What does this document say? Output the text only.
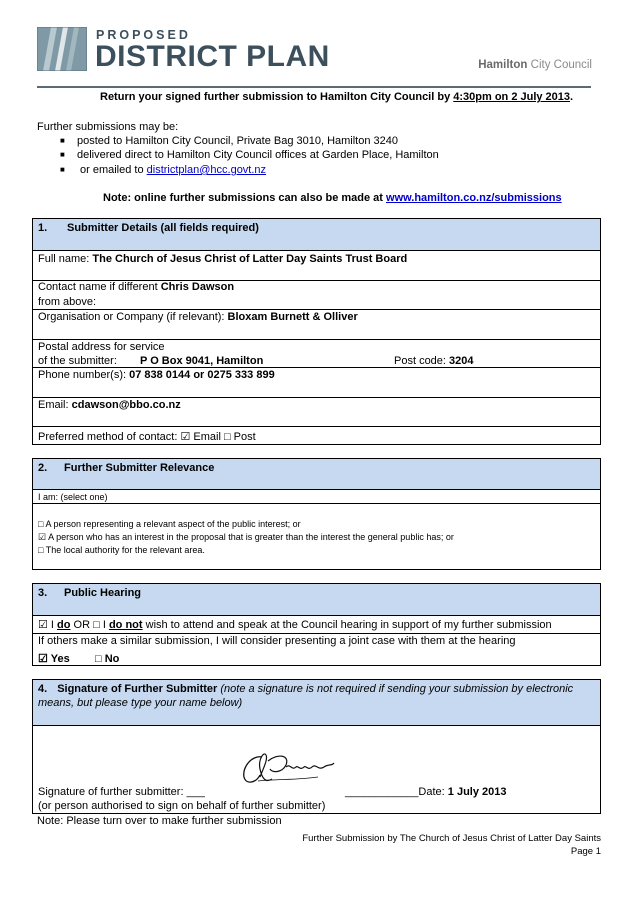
PROPOSED
DISTRICT PLAN	Hamilton City Council
Return your signed further submission to Hamilton City Council by 4:30pm on 2 July 2013.
Further submissions may be:
■ posted to Hamilton City Council, Private Bag 3010, Hamilton 3240
■ delivered direct to Hamilton City Council offices at Garden Place, Hamilton
■ or emailed to districtplan@hcc.govt.nz
Note: online further submissions can also be made at www.hamilton.co.nz/submissions
1. Submitter Details (all fields required)
Full name: The Church of Jesus Christ of Latter Day Saints Trust Board
Contact name if different Chris Dawson
from above:
Organisation or Company (if relevant): Bloxam Burnett & Olliver
Postal address for service
of the submitter: P O Box 9041, Hamilton	Post code: 3204
Phone number(s): 07 838 0144 or 0275 333 899
Email: cdawson@bbo.co.nz
Preferred method of contact: ☑ Email □ Post
2. Further Submitter Relevance
I am: (select one)
□ A person representing a relevant aspect of the public interest; or
☑ A person who has an interest in the proposal that is greater than the interest the general public has; or
□ The local authority for the relevant area.
3. Public Hearing
☑ I do OR □ I do not wish to attend and speak at the Council hearing in support of my further submission
If others make a similar submission, I will consider presenting a joint case with them at the hearing
☑ Yes □ No
4. Signature of Further Submitter (note a signature is not required if sending your submission by electronic
means, but please type your name below)
Signature of further submitter: ___	____________Date: 1 July 2013
(or person authorised to sign on behalf of further submitter)
Note: Please turn over to make further submission
Further Submission by The Church of Jesus Christ of Latter Day Saints
Page 1
